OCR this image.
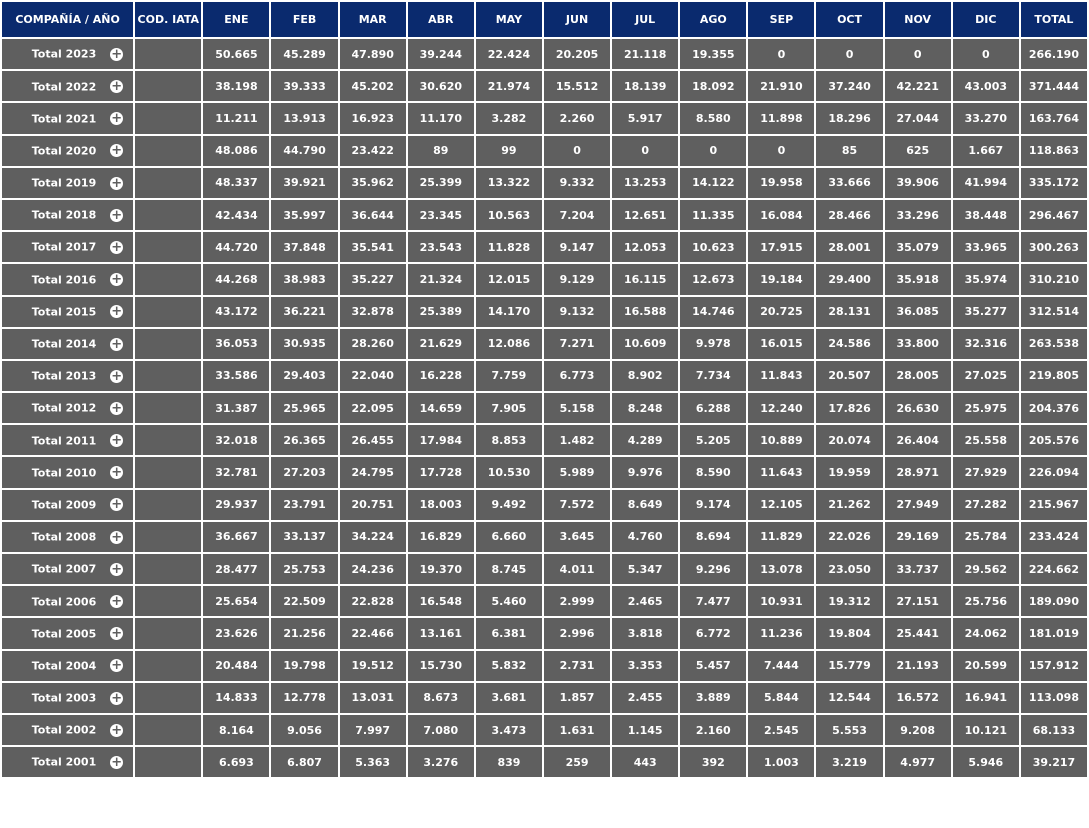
COMPAÑÍA / AÑO	COD. IATA	ENE	FEB	MAR	ABR	MAY	JUN	JUL	AGO	SEP	OCT	NOV	DIC	TOTAL
Total 2023 +		50.665	45.289	47.890	39.244	22.424	20.205	21.118	19.355	0	0	0	0	266.190
Total 2022 +		38.198	39.333	45.202	30.620	21.974	15.512	18.139	18.092	21.910	37.240	42.221	43.003	371.444
Total 2021 +		11.211	13.913	16.923	11.170	3.282	2.260	5.917	8.580	11.898	18.296	27.044	33.270	163.764
Total 2020 +		48.086	44.790	23.422	89	99	0	0	0	0	85	625	1.667	118.863
Total 2019 +		48.337	39.921	35.962	25.399	13.322	9.332	13.253	14.122	19.958	33.666	39.906	41.994	335.172
Total 2018 +		42.434	35.997	36.644	23.345	10.563	7.204	12.651	11.335	16.084	28.466	33.296	38.448	296.467
Total 2017 +		44.720	37.848	35.541	23.543	11.828	9.147	12.053	10.623	17.915	28.001	35.079	33.965	300.263
Total 2016 +		44.268	38.983	35.227	21.324	12.015	9.129	16.115	12.673	19.184	29.400	35.918	35.974	310.210
Total 2015 +		43.172	36.221	32.878	25.389	14.170	9.132	16.588	14.746	20.725	28.131	36.085	35.277	312.514
Total 2014 +		36.053	30.935	28.260	21.629	12.086	7.271	10.609	9.978	16.015	24.586	33.800	32.316	263.538
Total 2013 +		33.586	29.403	22.040	16.228	7.759	6.773	8.902	7.734	11.843	20.507	28.005	27.025	219.805
Total 2012 +		31.387	25.965	22.095	14.659	7.905	5.158	8.248	6.288	12.240	17.826	26.630	25.975	204.376
Total 2011 +		32.018	26.365	26.455	17.984	8.853	1.482	4.289	5.205	10.889	20.074	26.404	25.558	205.576
Total 2010 +		32.781	27.203	24.795	17.728	10.530	5.989	9.976	8.590	11.643	19.959	28.971	27.929	226.094
Total 2009 +		29.937	23.791	20.751	18.003	9.492	7.572	8.649	9.174	12.105	21.262	27.949	27.282	215.967
Total 2008 +		36.667	33.137	34.224	16.829	6.660	3.645	4.760	8.694	11.829	22.026	29.169	25.784	233.424
Total 2007 +		28.477	25.753	24.236	19.370	8.745	4.011	5.347	9.296	13.078	23.050	33.737	29.562	224.662
Total 2006 +		25.654	22.509	22.828	16.548	5.460	2.999	2.465	7.477	10.931	19.312	27.151	25.756	189.090
Total 2005 +		23.626	21.256	22.466	13.161	6.381	2.996	3.818	6.772	11.236	19.804	25.441	24.062	181.019
Total 2004 +		20.484	19.798	19.512	15.730	5.832	2.731	3.353	5.457	7.444	15.779	21.193	20.599	157.912
Total 2003 +		14.833	12.778	13.031	8.673	3.681	1.857	2.455	3.889	5.844	12.544	16.572	16.941	113.098
Total 2002 +		8.164	9.056	7.997	7.080	3.473	1.631	1.145	2.160	2.545	5.553	9.208	10.121	68.133
Total 2001 +		6.693	6.807	5.363	3.276	839	259	443	392	1.003	3.219	4.977	5.946	39.217
